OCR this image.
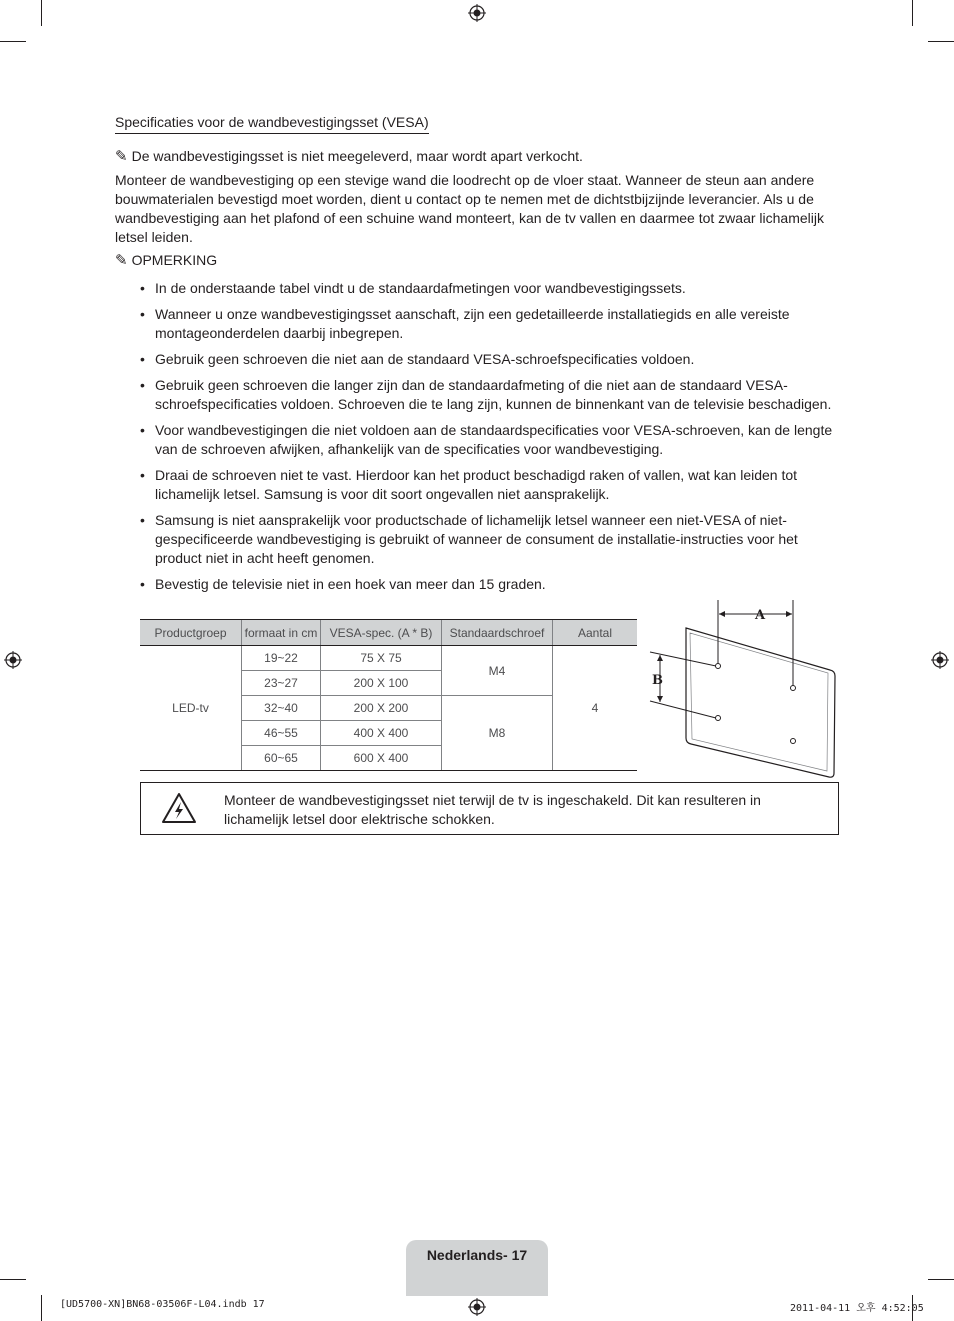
Specificaties voor de wandbevestigingsset (VESA)

✎ De wandbevestigingsset is niet meegeleverd, maar wordt apart verkocht.

Monteer de wandbevestiging op een stevige wand die loodrecht op de vloer staat. Wanneer de steun aan andere bouwmaterialen bevestigd moet worden, dient u contact op te nemen met de dichtstbijzijnde leverancier. Als u de wandbevestiging aan het plafond of een schuine wand monteert, kan de tv vallen en daarmee tot zwaar lichamelijk letsel leiden.

✎ OPMERKING

• In de onderstaande tabel vindt u de standaardafmetingen voor wandbevestigingssets.
• Wanneer u onze wandbevestigingsset aanschaft, zijn een gedetailleerde installatiegids en alle vereiste montageonderdelen daarbij inbegrepen.
• Gebruik geen schroeven die niet aan de standaard VESA-schroefspecificaties voldoen.
• Gebruik geen schroeven die langer zijn dan de standaardafmeting of die niet aan de standaard VESA-schroefspecificaties voldoen. Schroeven die te lang zijn, kunnen de binnenkant van de televisie beschadigen.
• Voor wandbevestigingen die niet voldoen aan de standaardspecificaties voor VESA-schroeven, kan de lengte van de schroeven afwijken, afhankelijk van de specificaties voor wandbevestiging.
• Draai de schroeven niet te vast. Hierdoor kan het product beschadigd raken of vallen, wat kan leiden tot lichamelijk letsel. Samsung is voor dit soort ongevallen niet aansprakelijk.
• Samsung is niet aansprakelijk voor productschade of lichamelijk letsel wanneer een niet-VESA of niet-gespecificeerde wandbevestiging is gebruikt of wanneer de consument de installatie-instructies voor het product niet in acht heeft genomen.
• Bevestig de televisie niet in een hoek van meer dan 15 graden.
Productgroep	formaat in cm	VESA-spec. (A * B)	Standaardschroef	Aantal
LED-tv	19~22	75 X 75	M4	4
	23~27	200 X 100		
	32~40	200 X 200	M8	
	46~55	400 X 400		
	60~65	600 X 400		
A
B
Monteer de wandbevestigingsset niet terwijl de tv is ingeschakeld. Dit kan resulteren in lichamelijk letsel door elektrische schokken.
Nederlands- 17
[UD5700-XN]BN68-03506F-L04.indb 17	2011-04-11 오후 4:52:05
